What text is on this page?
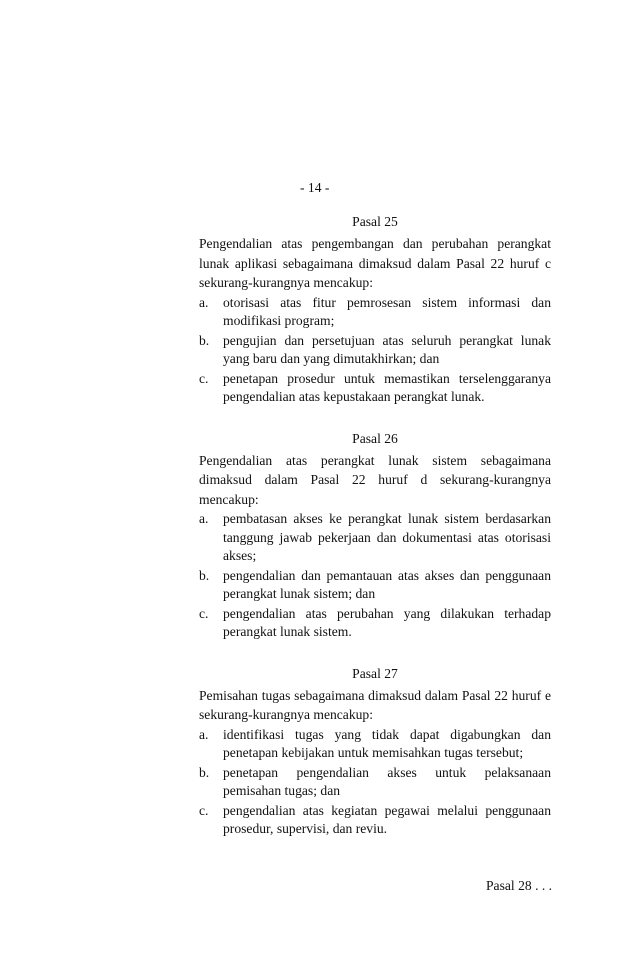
- 14 -
Pasal 25

Pengendalian atas pengembangan dan perubahan perangkat lunak aplikasi sebagaimana dimaksud dalam Pasal 22 huruf c sekurang-kurangnya mencakup:

a.	otorisasi atas fitur pemrosesan sistem informasi dan modifikasi program;
b.	pengujian dan persetujuan atas seluruh perangkat lunak yang baru dan yang dimutakhirkan; dan
c.	penetapan prosedur untuk memastikan terselenggaranya pengendalian atas kepustakaan perangkat lunak.
Pasal 26

Pengendalian atas perangkat lunak sistem sebagaimana dimaksud dalam Pasal 22 huruf d sekurang-kurangnya mencakup:

a.	pembatasan akses ke perangkat lunak sistem berdasarkan tanggung jawab pekerjaan dan dokumentasi atas otorisasi akses;
b.	pengendalian dan pemantauan atas akses dan penggunaan perangkat lunak sistem; dan
c.	pengendalian atas perubahan yang dilakukan terhadap perangkat lunak sistem.
Pasal 27

Pemisahan tugas sebagaimana dimaksud dalam Pasal 22 huruf e sekurang-kurangnya mencakup:

a.	identifikasi tugas yang tidak dapat digabungkan dan penetapan kebijakan untuk memisahkan tugas tersebut;
b.	penetapan pengendalian akses untuk pelaksanaan pemisahan tugas; dan
c.	pengendalian atas kegiatan pegawai melalui penggunaan prosedur, supervisi, dan reviu.
Pasal 28 . . .
